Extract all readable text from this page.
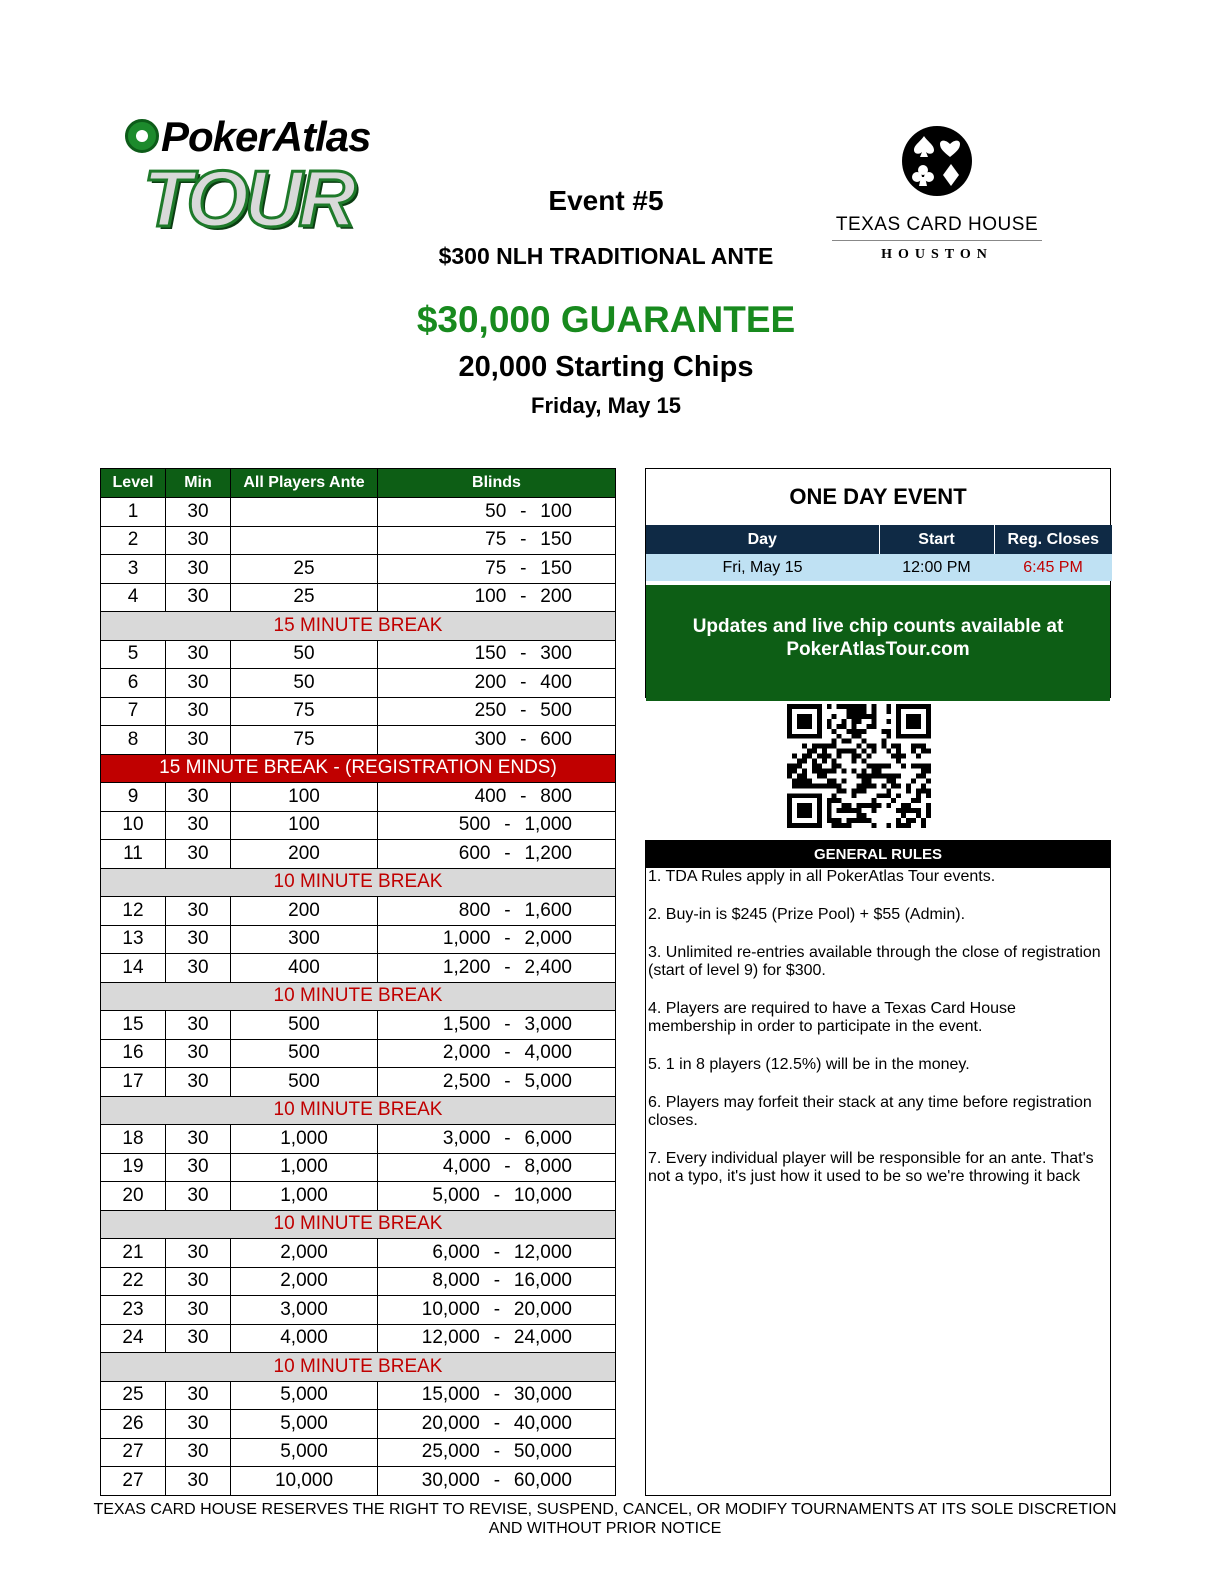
PokerAtlas
TOUR	TEXAS CARD HOUSE
HOUSTON
Event #5
$300 NLH TRADITIONAL ANTE
$30,000 GUARANTEE
20,000 Starting Chips
Friday, May 15
Level	Min	All Players Ante	Blinds
1	30		50 - 100
2	30		75 - 150
3	30	25	75 - 150
4	30	25	100 - 200
15 MINUTE BREAK			
5	30	50	150 - 300
6	30	50	200 - 400
7	30	75	250 - 500
8	30	75	300 - 600
15 MINUTE BREAK - (REGISTRATION ENDS)			
9	30	100	400 - 800
10	30	100	500 - 1,000
11	30	200	600 - 1,200
10 MINUTE BREAK			
12	30	200	800 - 1,600
13	30	300	1,000 - 2,000
14	30	400	1,200 - 2,400
10 MINUTE BREAK			
15	30	500	1,500 - 3,000
16	30	500	2,000 - 4,000
17	30	500	2,500 - 5,000
10 MINUTE BREAK			
18	30	1,000	3,000 - 6,000
19	30	1,000	4,000 - 8,000
20	30	1,000	5,000 - 10,000
10 MINUTE BREAK			
21	30	2,000	6,000 - 12,000
22	30	2,000	8,000 - 16,000
23	30	3,000	10,000 - 20,000
24	30	4,000	12,000 - 24,000
10 MINUTE BREAK			
25	30	5,000	15,000 - 30,000
26	30	5,000	20,000 - 40,000
27	30	5,000	25,000 - 50,000
27	30	10,000	30,000 - 60,000
ONE DAY EVENT
Day	Start	Reg. Closes
Fri, May 15	12:00 PM	6:45 PM
Updates and live chip counts available at
PokerAtlasTour.com
GENERAL RULES
1. TDA Rules apply in all PokerAtlas Tour events.
2. Buy-in is $245 (Prize Pool) + $55 (Admin).
3. Unlimited re-entries available through the close of registration (start of level 9) for $300.
4. Players are required to have a Texas Card House membership in order to participate in the event.
5. 1 in 8 players (12.5%) will be in the money.
6. Players may forfeit their stack at any time before registration closes.
7. Every individual player will be responsible for an ante. That's not a typo, it's just how it used to be so we're throwing it back
TEXAS CARD HOUSE RESERVES THE RIGHT TO REVISE, SUSPEND, CANCEL, OR MODIFY TOURNAMENTS AT ITS SOLE DISCRETION AND WITHOUT PRIOR NOTICE
